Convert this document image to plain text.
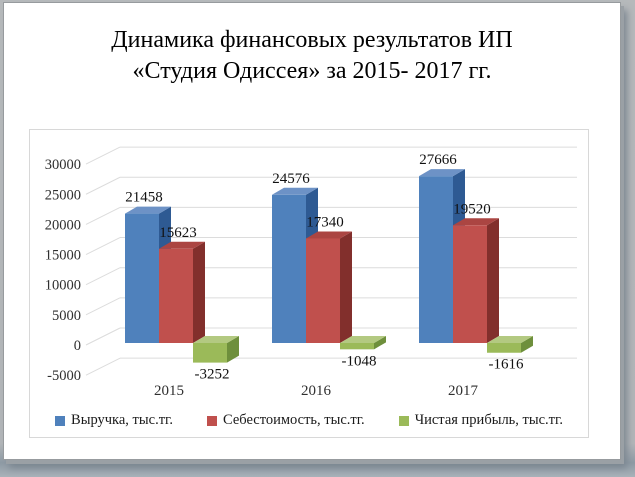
Динамика финансовых результатов ИП
«Студия Одиссея» за 2015- 2017 гг.
-5000
0
5000
10000
15000
20000
25000
30000
21458
15623
-3252
2015
24576
17340
-1048
2016
27666
19520
-1616
2017
Выручка, тыс.тг.	Себестоимость, тыс.тг.	Чистая прибыль, тыс.тг.
